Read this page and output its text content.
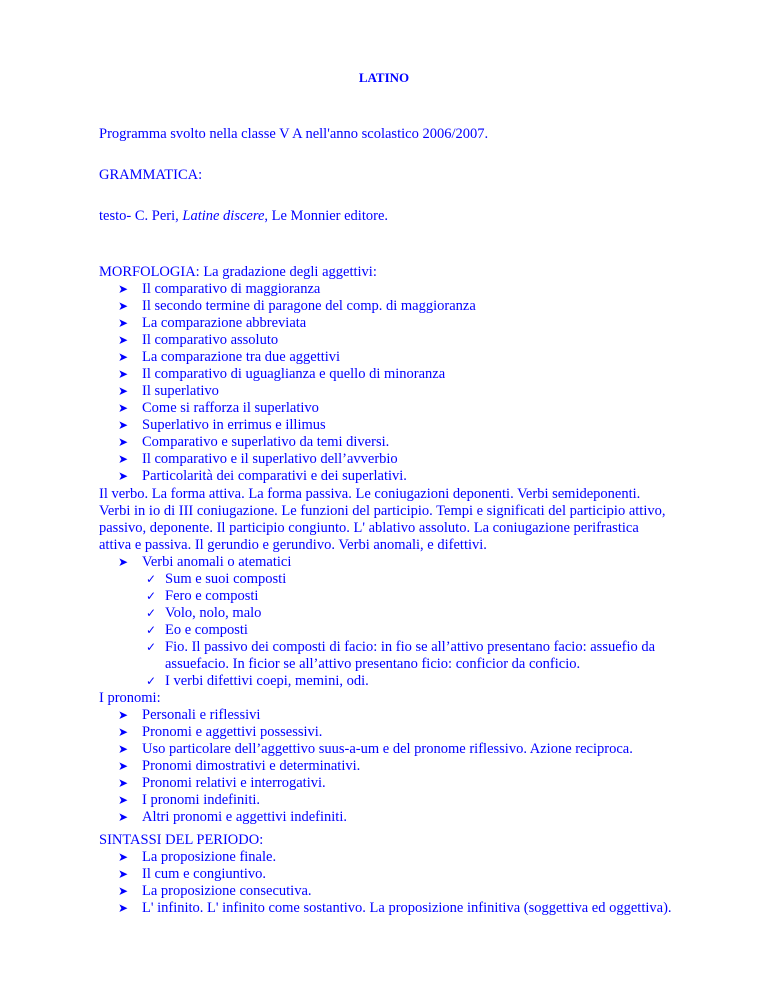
LATINO
Programma svolto nella classe V A nell'anno scolastico 2006/2007.
GRAMMATICA:
testo- C. Peri, Latine discere, Le Monnier editore.
MORFOLOGIA: La gradazione degli aggettivi:
➤ Il comparativo di maggioranza
➤ Il secondo termine di paragone del comp. di maggioranza
➤ La comparazione abbreviata
➤ Il comparativo assoluto
➤ La comparazione tra due aggettivi
➤ Il comparativo di uguaglianza e quello di minoranza
➤ Il superlativo
➤ Come si rafforza il superlativo
➤ Superlativo in errimus e illimus
➤ Comparativo e superlativo da temi diversi.
➤ Il comparativo e il superlativo dell’avverbio
➤ Particolarità dei comparativi e dei superlativi.
Il verbo. La forma attiva. La forma passiva. Le coniugazioni deponenti. Verbi semideponenti.
Verbi in io di III coniugazione. Le funzioni del participio. Tempi e significati del participio attivo,
passivo, deponente. Il participio congiunto. L' ablativo assoluto. La coniugazione perifrastica
attiva e passiva. Il gerundio e gerundivo. Verbi anomali, e difettivi.
➤ Verbi anomali o atematici
✓ Sum e suoi composti
✓ Fero e composti
✓ Volo, nolo, malo
✓ Eo e composti
✓ Fio. Il passivo dei composti di facio: in fio se all’attivo presentano facio: assuefio da
assuefacio. In ficior se all’attivo presentano ficio: conficior da conficio.
✓ I verbi difettivi coepi, memini, odi.
I pronomi:
➤ Personali e riflessivi
➤ Pronomi e aggettivi possessivi.
➤ Uso particolare dell’aggettivo suus-a-um e del pronome riflessivo. Azione reciproca.
➤ Pronomi dimostrativi e determinativi.
➤ Pronomi relativi e interrogativi.
➤ I pronomi indefiniti.
➤ Altri pronomi e aggettivi indefiniti.
SINTASSI DEL PERIODO:
➤ La proposizione finale.
➤ Il cum e congiuntivo.
➤ La proposizione consecutiva.
➤ L' infinito. L' infinito come sostantivo. La proposizione infinitiva (soggettiva ed oggettiva).
